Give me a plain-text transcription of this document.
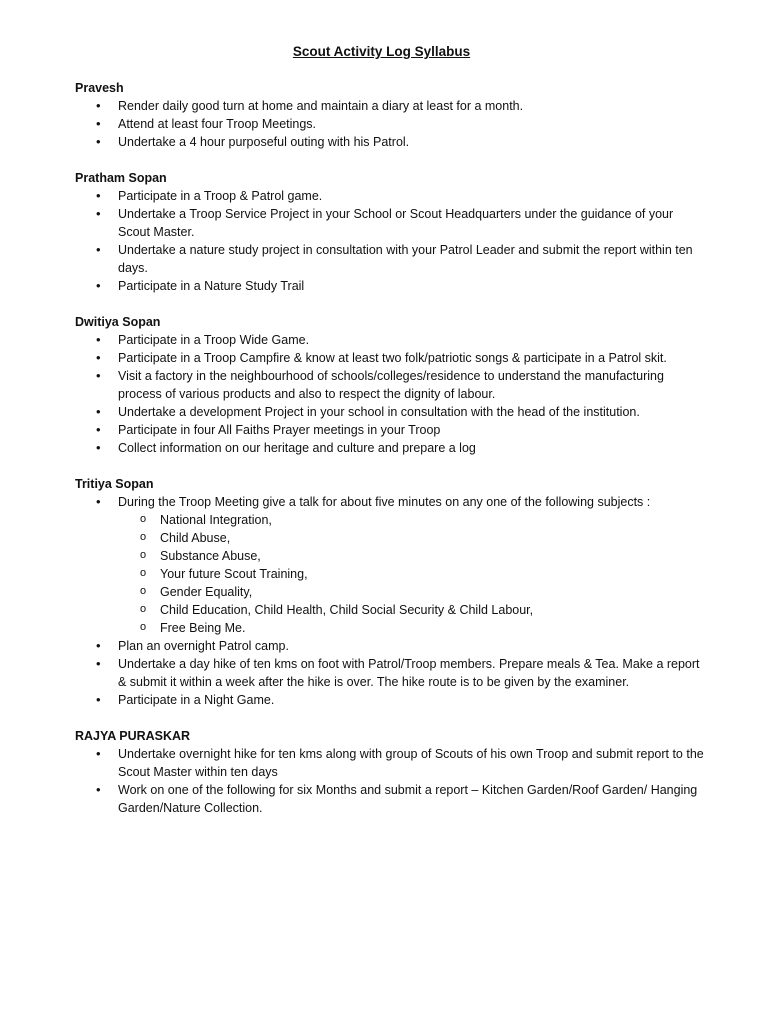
Scout Activity Log Syllabus
Pravesh
• Render daily good turn at home and maintain a diary at least for a month.
• Attend at least four Troop Meetings.
• Undertake a 4 hour purposeful outing with his Patrol.
Pratham Sopan
• Participate in a Troop & Patrol game.
• Undertake a Troop Service Project in your School or Scout Headquarters under the guidance of your Scout Master.
• Undertake a nature study project in consultation with your Patrol Leader and submit the report within ten days.
• Participate in a Nature Study Trail
Dwitiya Sopan
• Participate in a Troop Wide Game.
• Participate in a Troop Campfire & know at least two folk/patriotic songs & participate in a Patrol skit.
• Visit a factory in the neighbourhood of schools/colleges/residence to understand the manufacturing process of various products and also to respect the dignity of labour.
• Undertake a development Project in your school in consultation with the head of the institution.
• Participate in four All Faiths Prayer meetings in your Troop
• Collect information on our heritage and culture and prepare a log
Tritiya Sopan
• During the Troop Meeting give a talk for about five minutes on any one of the following subjects :
o National Integration,
o Child Abuse,
o Substance Abuse,
o Your future Scout Training,
o Gender Equality,
o Child Education, Child Health, Child Social Security & Child Labour,
o Free Being Me.
• Plan an overnight Patrol camp.
• Undertake a day hike of ten kms on foot with Patrol/Troop members. Prepare meals & Tea. Make a report & submit it within a week after the hike is over. The hike route is to be given by the examiner.
• Participate in a Night Game.
RAJYA PURASKAR
• Undertake overnight hike for ten kms along with group of Scouts of his own Troop and submit report to the Scout Master within ten days
• Work on one of the following for six Months and submit a report – Kitchen Garden/Roof Garden/ Hanging Garden/Nature Collection.
